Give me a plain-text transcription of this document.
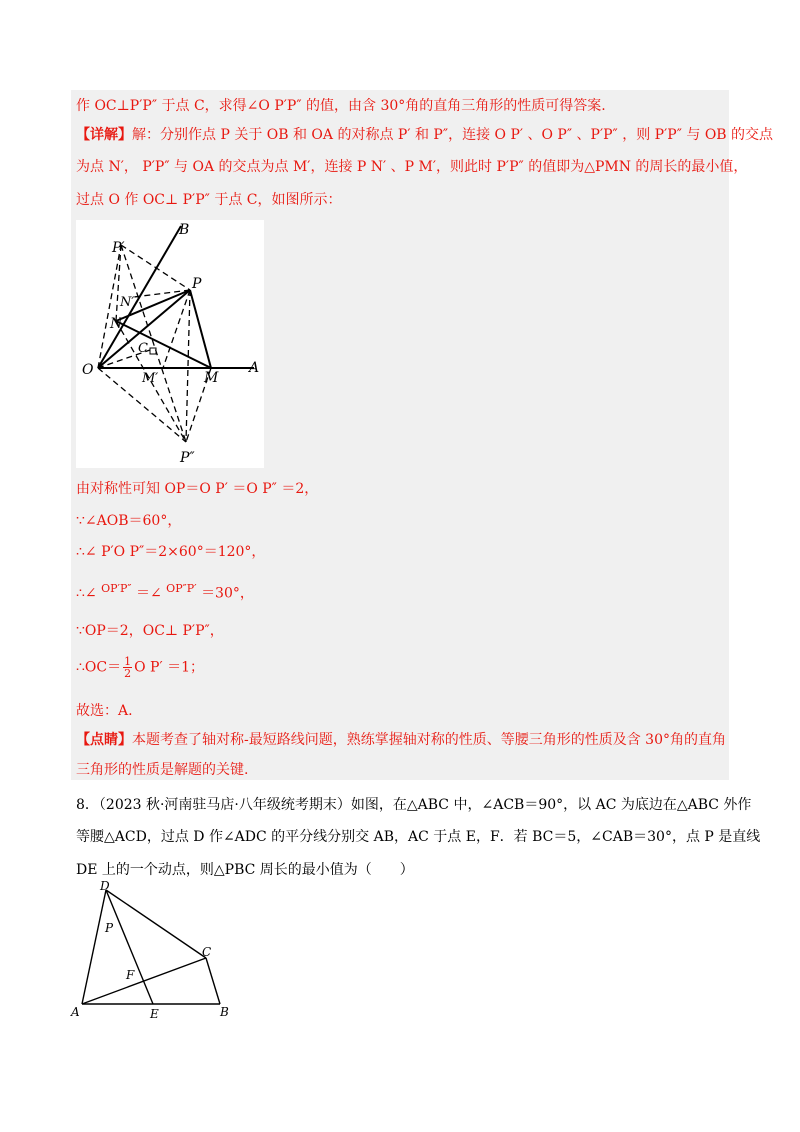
作 OC⊥P′P″ 于点 C，求得∠O P′P″ 的值，由含 30°角的直角三角形的性质可得答案.
【详解】解：分别作点 P 关于 OB 和 OA 的对称点 P′ 和 P″，连接 O P′ 、O P″ 、P′P″ ，则 P′P″ 与 OB 的交点
为点 N′， P′P″ 与 OA 的交点为点 M′，连接 P N′ 、P M′，则此时 P′P″ 的值即为△PMN 的周长的最小值，
过点 O 作 OC⊥ P′P″ 于点 C，如图所示：
B
P′
P
N′
N
C
O
M′	M
A
P″
由对称性可知 OP＝O P′ ＝O P″ ＝2，
∵∠AOB＝60°，
∴∠ P′O P″＝2×60°＝120°，
∴∠ $^{OP'P''}$ ＝∠ $^{OP''P'}$ ＝30°，
∵OP＝2，OC⊥ P′P″，
∴OC＝ $\frac{1}{2}$ O P′ ＝1；
故选：A.
【点睛】本题考查了轴对称-最短路线问题，熟练掌握轴对称的性质、等腰三角形的性质及含 30°角的直角
三角形的性质是解题的关键.
8．（2023 秋·河南驻马店·八年级统考期末）如图，在△ABC 中，∠ACB＝90°，以 AC 为底边在△ABC 外作
等腰△ACD，过点 D 作∠ADC 的平分线分别交 AB，AC 于点 E，F．若 BC＝5，∠CAB＝30°，点 P 是直线
DE 上的一个动点，则△PBC 周长的最小值为（　　）
D
P
C
F
A	E	B
